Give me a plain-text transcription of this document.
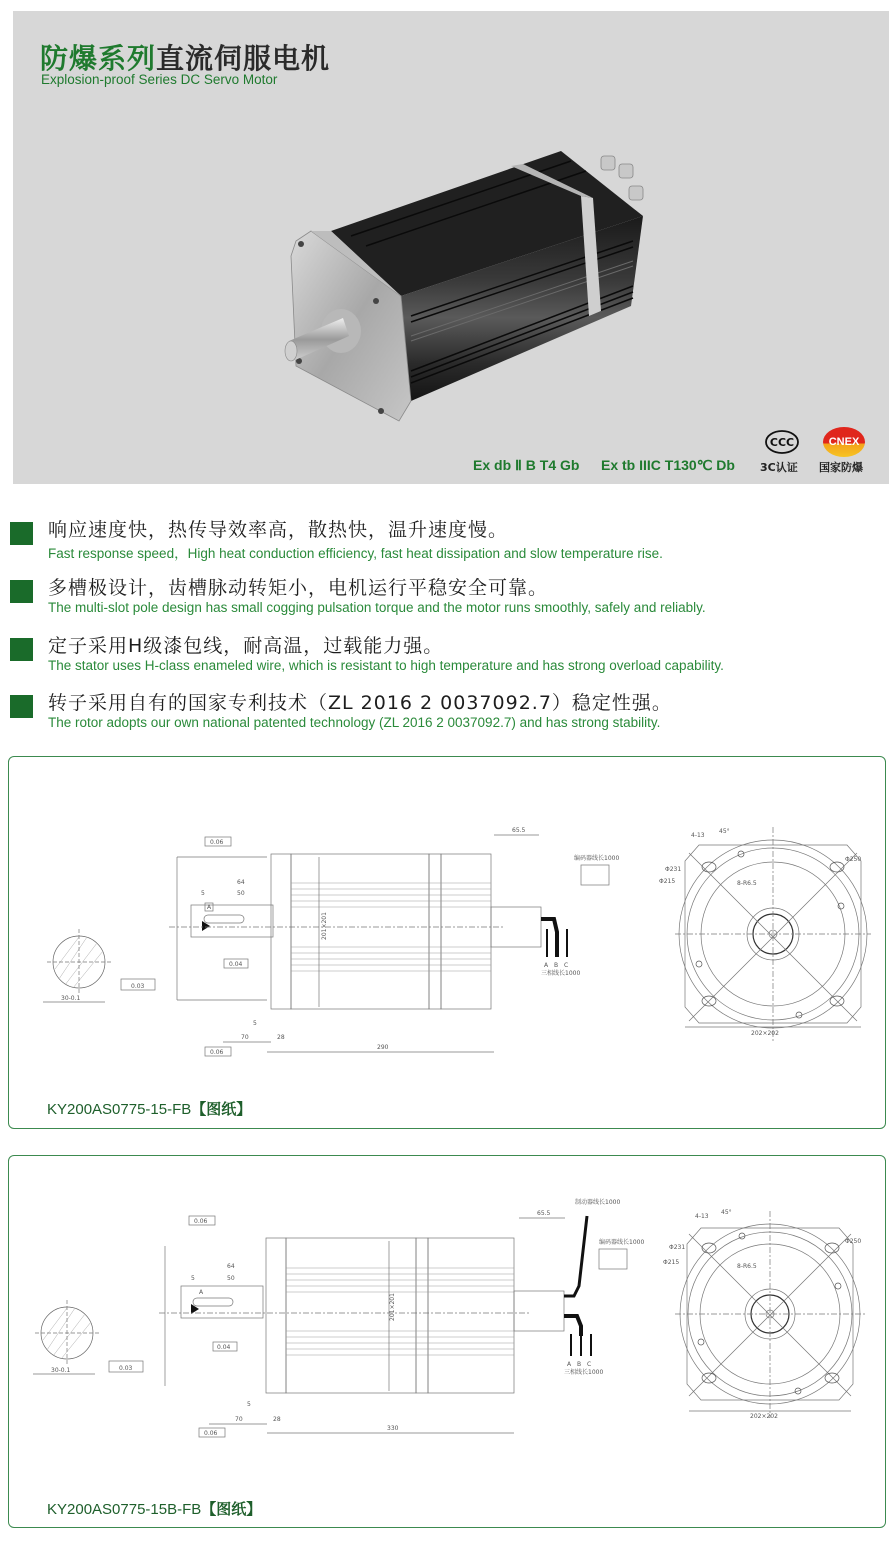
防爆系列直流伺服电机
Explosion-proof Series DC Servo Motor
Ex db Ⅱ B T4 Gb Ex tb IIIC T130℃ Db
CCC
3C认证
CNEX
国家防爆
响应速度快，热传导效率高，散热快，温升速度慢。
Fast response speed，High heat conduction efficiency, fast heat dissipation and slow temperature rise.
多槽极设计，齿槽脉动转矩小，电机运行平稳安全可靠。
The multi-slot pole design has small cogging pulsation torque and the motor runs smoothly, safely and reliably.
定子采用H级漆包线，耐高温，过载能力强。
The stator uses H-class enameled wire, which is resistant to high temperature and has strong overload capability.
转子采用自有的国家专利技术（ZL 2016 2 0037092.7）稳定性强。
The rotor adopts our own national patented technology (ZL 2016 2 0037092.7) and has strong stability.
30-0.1
0.03
0.06
A
64
50
5
0.04
201×201
70	28
5
0.06
290
65.5
A B C
三相线长1000
编码器线长1000
202×202
Φ231
Φ215
Φ250
8-R6.5
45°
4-13
KY200AS0775-15-FB【图纸】
30-0.1	0.03
0.06
A
64
50
5
0.04
201×201
70	28
5
0.06
330
65.5
制动器线长1000
A B C
三相线长1000
编码器线长1000
202×202
Φ231
Φ215
Φ250
8-R6.5
45°
4-13
KY200AS0775-15B-FB【图纸】
